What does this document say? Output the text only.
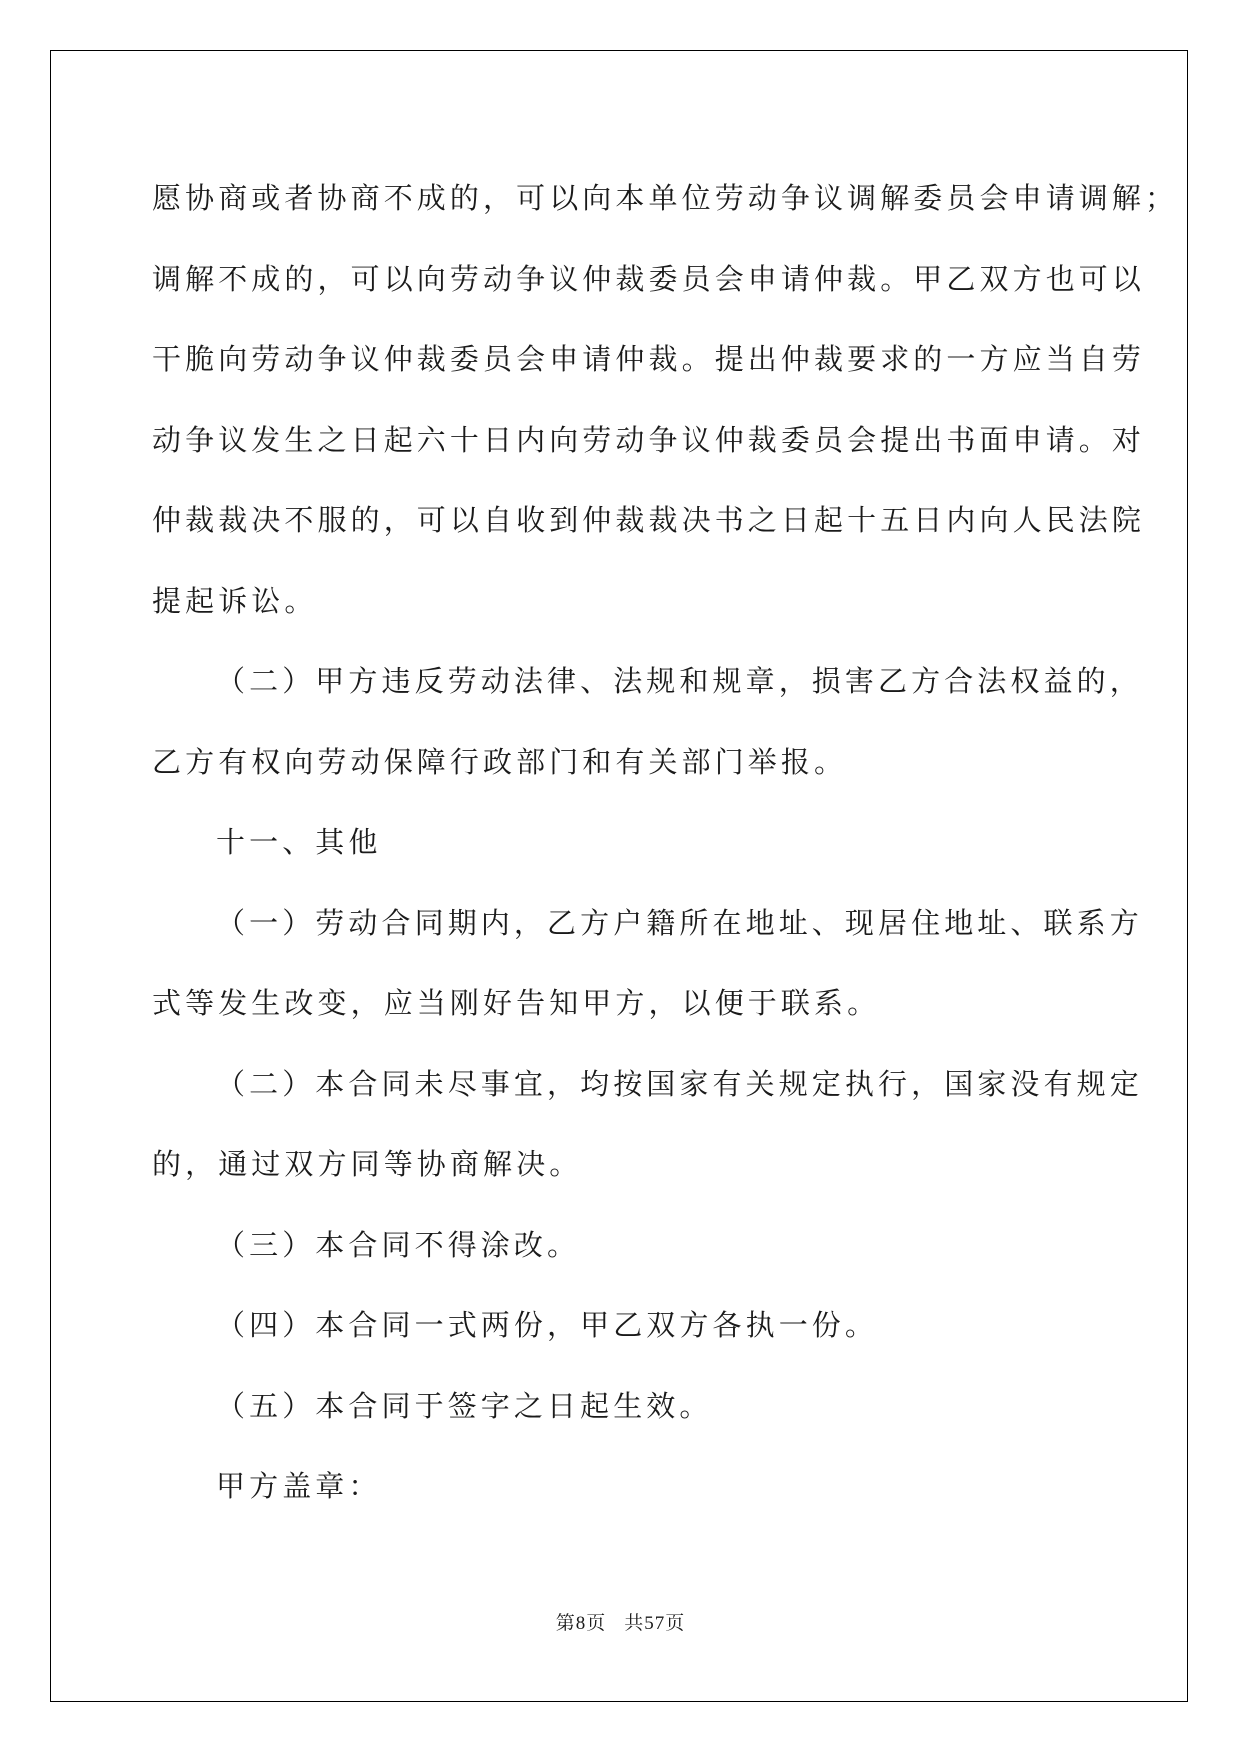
愿协商或者协商不成的，可以向本单位劳动争议调解委员会申请调解；

调解不成的，可以向劳动争议仲裁委员会申请仲裁。甲乙双方也可以

干脆向劳动争议仲裁委员会申请仲裁。提出仲裁要求的一方应当自劳

动争议发生之日起六十日内向劳动争议仲裁委员会提出书面申请。对

仲裁裁决不服的，可以自收到仲裁裁决书之日起十五日内向人民法院

提起诉讼。

（二）甲方违反劳动法律、法规和规章，损害乙方合法权益的，

乙方有权向劳动保障行政部门和有关部门举报。

十一、其他

（一）劳动合同期内，乙方户籍所在地址、现居住地址、联系方

式等发生改变，应当刚好告知甲方，以便于联系。

（二）本合同未尽事宜，均按国家有关规定执行，国家没有规定

的，通过双方同等协商解决。

（三）本合同不得涂改。

（四）本合同一式两份，甲乙双方各执一份。

（五）本合同于签字之日起生效。

甲方盖章：

第8页 共57页
